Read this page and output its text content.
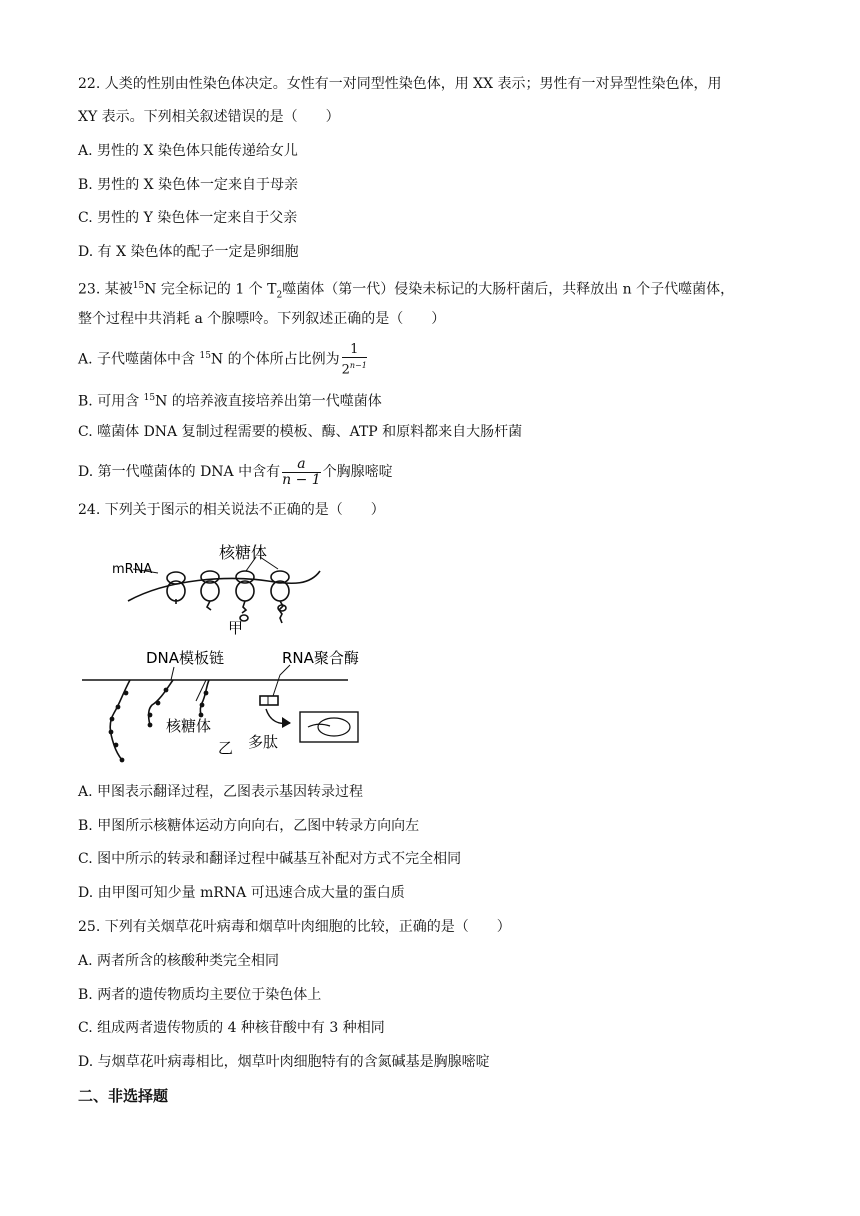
22. 人类的性别由性染色体决定。女性有一对同型性染色体，用 XX 表示；男性有一对异型性染色体，用
XY 表示。下列相关叙述错误的是（　　）
A. 男性的 X 染色体只能传递给女儿
B. 男性的 X 染色体一定来自于母亲
C. 男性的 Y 染色体一定来自于父亲
D. 有 X 染色体的配子一定是卵细胞
23. 某被$^{15}$N 完全标记的 1 个 $T_2$噬菌体（第一代）侵染未标记的大肠杆菌后，共释放出 n 个子代噬菌体，
整个过程中共消耗 a 个腺嘌呤。下列叙述正确的是（　　）
A. 子代噬菌体中含 $^{15}$N 的个体所占比例为 $\frac{1}{2^{n-1}}$
B. 可用含 $^{15}$N 的培养液直接培养出第一代噬菌体
C. 噬菌体 DNA 复制过程需要的模板、酶、ATP 和原料都来自大肠杆菌
D. 第一代噬菌体的 DNA 中含有 $\frac{a}{n - 1}$ 个胸腺嘧啶
24. 下列关于图示的相关说法不正确的是（　　）
mRNA
核糖体
甲
DNA模板链	RNA聚合酶
核糖体
乙 多肽
A. 甲图表示翻译过程，乙图表示基因转录过程
B. 甲图所示核糖体运动方向向右，乙图中转录方向向左
C. 图中所示的转录和翻译过程中碱基互补配对方式不完全相同
D. 由甲图可知少量 mRNA 可迅速合成大量的蛋白质
25. 下列有关烟草花叶病毒和烟草叶肉细胞的比较，正确的是（　　）
A. 两者所含的核酸种类完全相同
B. 两者的遗传物质均主要位于染色体上
C. 组成两者遗传物质的 4 种核苷酸中有 3 种相同
D. 与烟草花叶病毒相比，烟草叶肉细胞特有的含氮碱基是胸腺嘧啶
二、非选择题
